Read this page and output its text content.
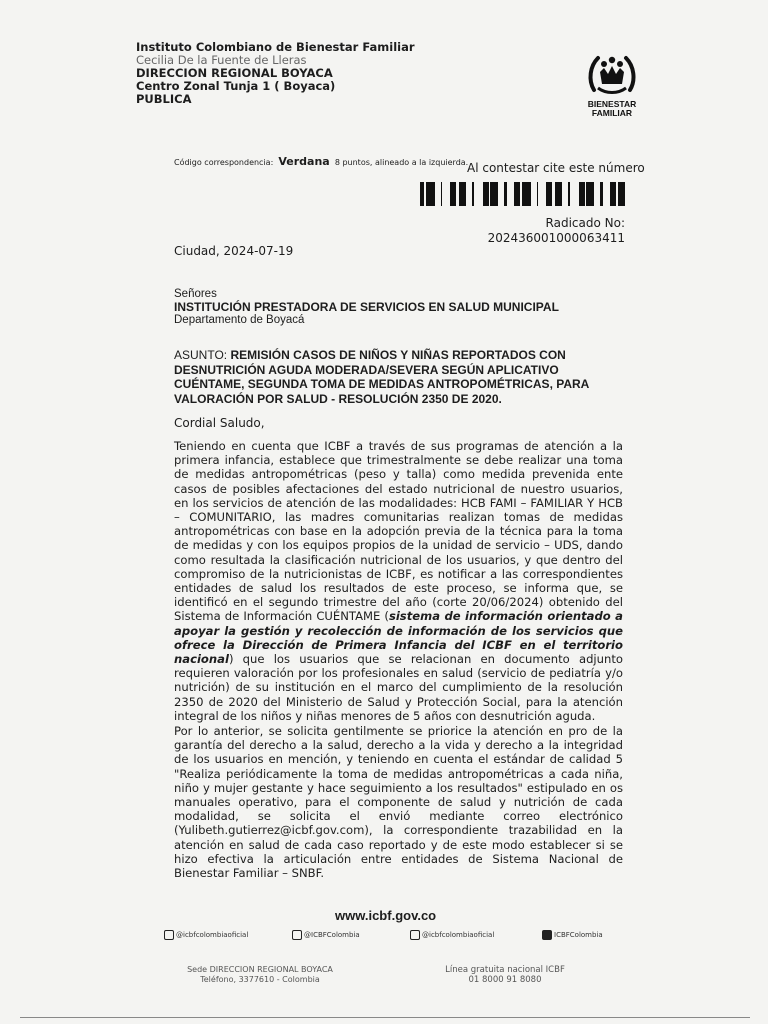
Instituto Colombiano de Bienestar Familiar
Cecilia De la Fuente de Lleras
DIRECCION REGIONAL BOYACA
Centro Zonal Tunja 1 ( Boyaca)
PUBLICA	BIENESTAR
FAMILIAR
Código correspondencia: Verdana 8 puntos, alineado a la izquierda.
Al contestar cite este número
Radicado No:
202436001000063411
Ciudad, 2024-07-19
Señores
INSTITUCIÓN PRESTADORA DE SERVICIOS EN SALUD MUNICIPAL
Departamento de Boyacá
ASUNTO: REMISIÓN CASOS DE NIÑOS Y NIÑAS REPORTADOS CON DESNUTRICIÓN AGUDA MODERADA/SEVERA SEGÚN APLICATIVO CUÉNTAME, SEGUNDA TOMA DE MEDIDAS ANTROPOMÉTRICAS, PARA VALORACIÓN POR SALUD - RESOLUCIÓN 2350 DE 2020.
Cordial Saludo,
Teniendo en cuenta que ICBF a través de sus programas de atención a la primera infancia, establece que trimestralmente se debe realizar una toma de medidas antropométricas (peso y talla) como medida prevenida ente casos de posibles afectaciones del estado nutricional de nuestro usuarios, en los servicios de atención de las modalidades: HCB FAMI – FAMILIAR Y HCB – COMUNITARIO, las madres comunitarias realizan tomas de medidas antropométricas con base en la adopción previa de la técnica para la toma de medidas y con los equipos propios de la unidad de servicio – UDS, dando como resultada la clasificación nutricional de los usuarios, y que dentro del compromiso de la nutricionistas de ICBF, es notificar a las correspondientes entidades de salud los resultados de este proceso, se informa que, se identificó en el segundo trimestre del año (corte 20/06/2024) obtenido del Sistema de Información CUÉNTAME (sistema de información orientado a apoyar la gestión y recolección de información de los servicios que ofrece la Dirección de Primera Infancia del ICBF en el territorio nacional) que los usuarios que se relacionan en documento adjunto requieren valoración por los profesionales en salud (servicio de pediatría y/o nutrición) de su institución en el marco del cumplimiento de la resolución 2350 de 2020 del Ministerio de Salud y Protección Social, para la atención integral de los niños y niñas menores de 5 años con desnutrición aguda.
Por lo anterior, se solicita gentilmente se priorice la atención en pro de la garantía del derecho a la salud, derecho a la vida y derecho a la integridad de los usuarios en mención, y teniendo en cuenta el estándar de calidad 5 "Realiza periódicamente la toma de medidas antropométricas a cada niña, niño y mujer gestante y hace seguimiento a los resultados" estipulado en os manuales operativo, para el componente de salud y nutrición de cada modalidad, se solicita el envió mediante correo electrónico (Yulibeth.gutierrez@icbf.gov.com), la correspondiente trazabilidad en la atención en salud de cada caso reportado y de este modo establecer si se hizo efectiva la articulación entre entidades de Sistema Nacional de Bienestar Familiar – SNBF.
www.icbf.gov.co
@icbfcolombiaoficial	@ICBFColombia	@icbfcolombiaoficial	ICBFColombia
Sede DIRECCION REGIONAL BOYACA
Teléfono, 3377610 - Colombia
Línea gratuita nacional ICBF
01 8000 91 8080
